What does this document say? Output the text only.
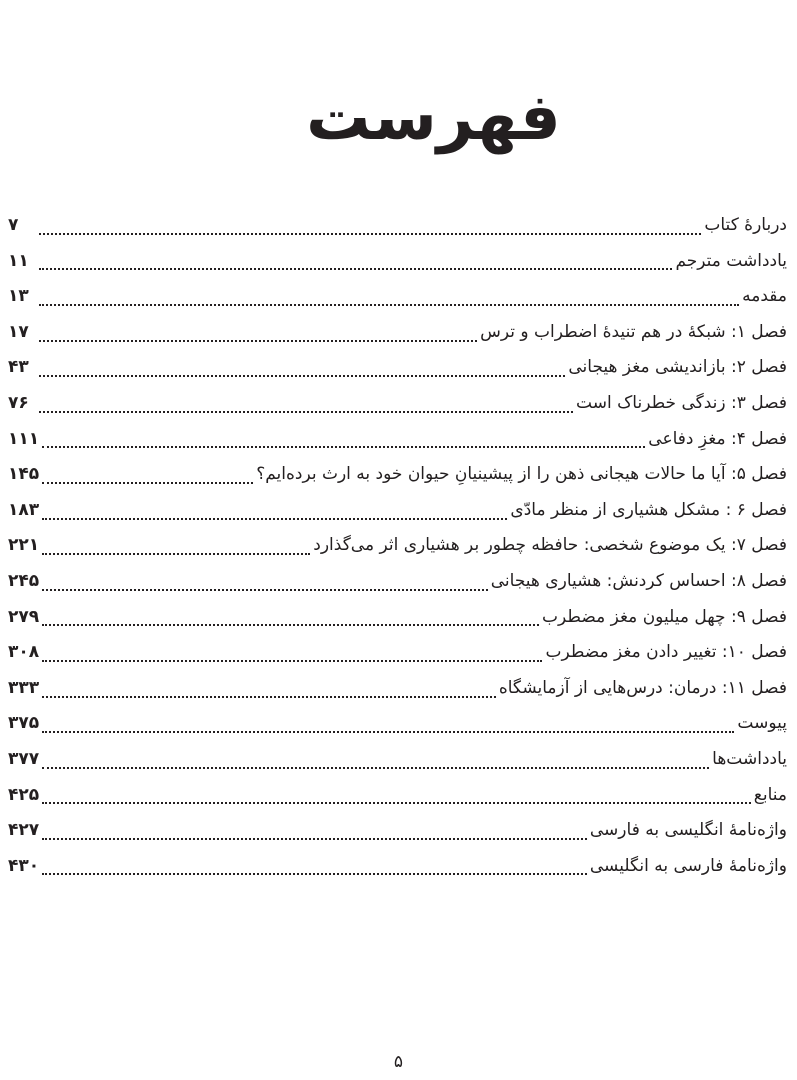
فهرست
دربارهٔ کتاب
۷
یادداشت مترجم
۱۱
مقدمه
۱۳
فصل ۱: شبکهٔ در هم تنیدهٔ اضطراب و ترس
۱۷
فصل ۲: بازاندیشی مغز هیجانی
۴۳
فصل ۳: زندگی خطرناک است
۷۶
فصل ۴: مغزِ دفاعی
۱۱۱
فصل ۵: آیا ما حالات هیجانی ذهن را از پیشینیانِ حیوان خود به ارث برده‌ایم؟
۱۴۵
فصل ۶ : مشکل هشیاری از منظر مادّی
۱۸۳
فصل ۷: یک موضوع شخصی: حافظه چطور بر هشیاری اثر می‌گذارد
۲۲۱
فصل ۸: احساس کردنش: هشیاری هیجانی
۲۴۵
فصل ۹: چهل میلیون مغز مضطرب
۲۷۹
فصل ۱۰: تغییر دادن مغز مضطرب
۳۰۸
فصل ۱۱: درمان: درس‌هایی از آزمایشگاه
۳۳۳
پیوست
۳۷۵
یادداشت‌ها
۳۷۷
منابع
۴۲۵
واژه‌نامهٔ انگلیسی به فارسی
۴۲۷
واژه‌نامهٔ فارسی به انگلیسی
۴۳۰
۵
